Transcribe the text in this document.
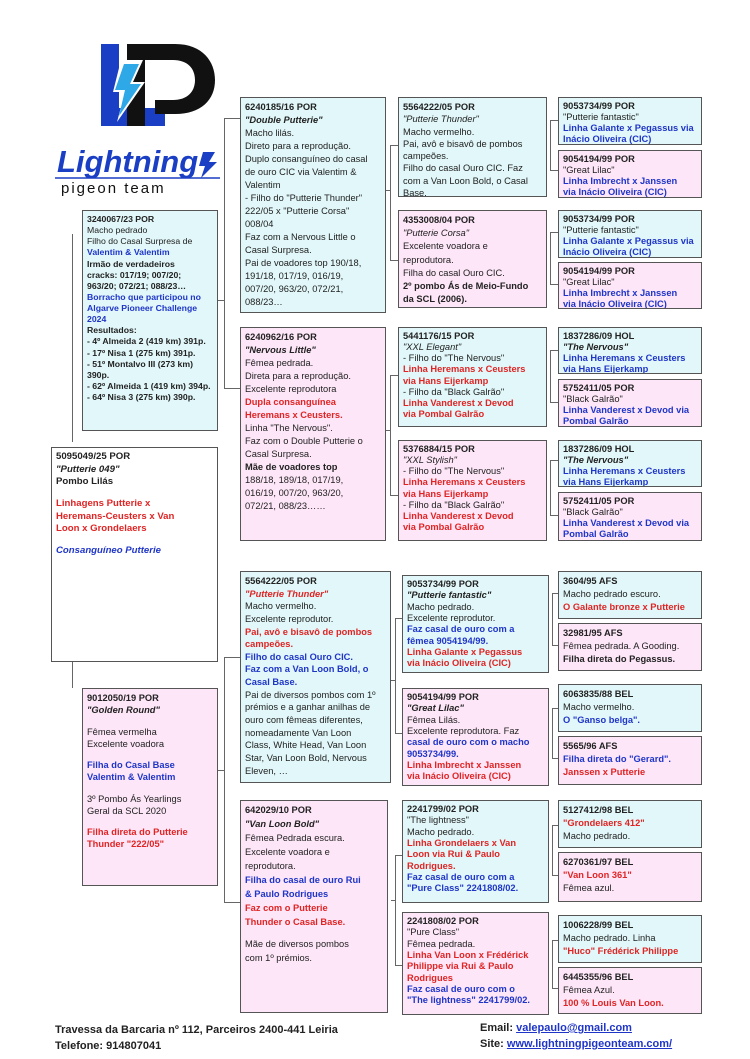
Lightning
pigeon team
5095049/25 POR
"Putterie 049"
Pombo Lilás
Linhagens Putterie x
Heremans-Ceusters x Van
Loon x Grondelaers
Consanguíneo Putterie
3240067/23 POR
Macho pedrado
Filho do Casal Surpresa de
Valentim & Valentim
Irmão de verdadeiros
cracks: 017/19; 007/20;
963/20; 072/21; 088/23…
Borracho que participou no
Algarve Pioneer Challenge
2024
Resultados:
- 4º Almeida 2 (419 km) 391p.
- 17º Nisa 1 (275 km) 391p.
- 51º Montalvo III (273 km)
390p.
- 62º Almeida 1 (419 km) 394p.
- 64º Nisa 3 (275 km) 390p.
9012050/19 POR
"Golden Round"
Fêmea vermelha
Excelente voadora
Filha do Casal Base
Valentim & Valentim
3º Pombo Ás Yearlings
Geral da SCL 2020
Filha direta do Putterie
Thunder "222/05"
6240185/16 POR
"Double Putterie"
Macho lilás.
Direto para a reprodução.
Duplo consanguíneo do casal
de ouro CIC via Valentim &
Valentim
- Filho do "Putterie Thunder"
222/05 x "Putterie Corsa"
008/04
Faz com a Nervous Little o
Casal Surpresa.
Pai de voadores top 190/18,
191/18, 017/19, 016/19,
007/20, 963/20, 072/21,
088/23…
6240962/16 POR
"Nervous Little"
Fêmea pedrada.
Direta para a reprodução.
Excelente reprodutora
Dupla consanguínea
Heremans x Ceusters.
Linha "The Nervous".
Faz com o Double Putterie o
Casal Surpresa.
Mãe de voadores top
188/18, 189/18, 017/19,
016/19, 007/20, 963/20,
072/21, 088/23……
5564222/05 POR
"Putterie Thunder"
Macho vermelho.
Excelente reprodutor.
Pai, avô e bisavô de pombos
campeões.
Filho do casal Ouro CIC.
Faz com a Van Loon Bold, o
Casal Base.
Pai de diversos pombos com 1º
prémios e a ganhar anilhas de
ouro com fêmeas diferentes,
nomeadamente Van Loon
Class, White Head, Van Loon
Star, Van Loon Bold, Nervous
Eleven, …
642029/10 POR
"Van Loon Bold"
Fêmea Pedrada escura.
Excelente voadora e
reprodutora.
Filha do casal de ouro Rui
& Paulo Rodrigues
Faz com o Putterie
Thunder o Casal Base.
Mãe de diversos pombos
com 1º prémios.
5564222/05 POR
"Putterie Thunder"
Macho vermelho.
Pai, avô e bisavô de pombos
campeões.
Filho do casal Ouro CIC. Faz
com a Van Loon Bold, o Casal
Base.
4353008/04 POR
"Putterie Corsa"
Excelente voadora e
reprodutora.
Filha do casal Ouro CIC.
2º pombo Ás de Meio-Fundo
da SCL (2006).
5441176/15 POR
"XXL Elegant"
- Filho do "The Nervous"
Linha Heremans x Ceusters
via Hans Eijerkamp
- Filho da "Black Galrão"
Linha Vanderest x Devod
via Pombal Galrão
5376884/15 POR
"XXL Stylish"
- Filho do "The Nervous"
Linha Heremans x Ceusters
via Hans Eijerkamp
- Filho da "Black Galrão"
Linha Vanderest x Devod
via Pombal Galrão
9053734/99 POR
"Putterie fantastic"
Macho pedrado.
Excelente reprodutor.
Faz casal de ouro com a
fêmea 9054194/99.
Linha Galante x Pegassus
via Inácio Oliveira (CIC)
9054194/99 POR
"Great Lilac"
Fêmea Lilás.
Excelente reprodutora. Faz
casal de ouro com o macho
9053734/99.
Linha Imbrecht x Janssen
via Inácio Oliveira (CIC)
2241799/02 POR
"The lightness"
Macho pedrado.
Linha Grondelaers x Van
Loon via Rui & Paulo
Rodrigues.
Faz casal de ouro com a
"Pure Class" 2241808/02.
2241808/02 POR
"Pure Class"
Fêmea pedrada.
Linha Van Loon x Frédérick
Philippe via Rui & Paulo
Rodrigues
Faz casal de ouro com o
"The lightness" 2241799/02.
9053734/99 POR
"Putterie fantastic"
Linha Galante x Pegassus via
Inácio Oliveira (CIC)
9054194/99 POR
"Great Lilac"
Linha Imbrecht x Janssen
via Inácio Oliveira (CIC)
9053734/99 POR
"Putterie fantastic"
Linha Galante x Pegassus via
Inácio Oliveira (CIC)
9054194/99 POR
"Great Lilac"
Linha Imbrecht x Janssen
via Inácio Oliveira (CIC)
1837286/09 HOL
"The Nervous"
Linha Heremans x Ceusters
via Hans Eijerkamp
5752411/05 POR
"Black Galrão"
Linha Vanderest x Devod via
Pombal Galrão
1837286/09 HOL
"The Nervous"
Linha Heremans x Ceusters
via Hans Eijerkamp
5752411/05 POR
"Black Galrão"
Linha Vanderest x Devod via
Pombal Galrão
3604/95 AFS
Macho pedrado escuro.
O Galante bronze x Putterie
32981/95 AFS
Fêmea pedrada. A Gooding.
Filha direta do Pegassus.
6063835/88 BEL
Macho vermelho.
O "Ganso belga".
5565/96 AFS
Filha direta do "Gerard".
Janssen x Putterie
5127412/98 BEL
"Grondelaers 412"
Macho pedrado.
6270361/97 BEL
"Van Loon 361"
Fêmea azul.
1006228/99 BEL
Macho pedrado. Linha
"Huco" Frédérick Philippe
6445355/96 BEL
Fêmea Azul.
100 % Louis Van Loon.
Travessa da Barcaria nº 112, Parceiros 2400-441 Leiria
Telefone: 914807041
Email: valepaulo@gmail.com
Site: www.lightningpigeonteam.com/
